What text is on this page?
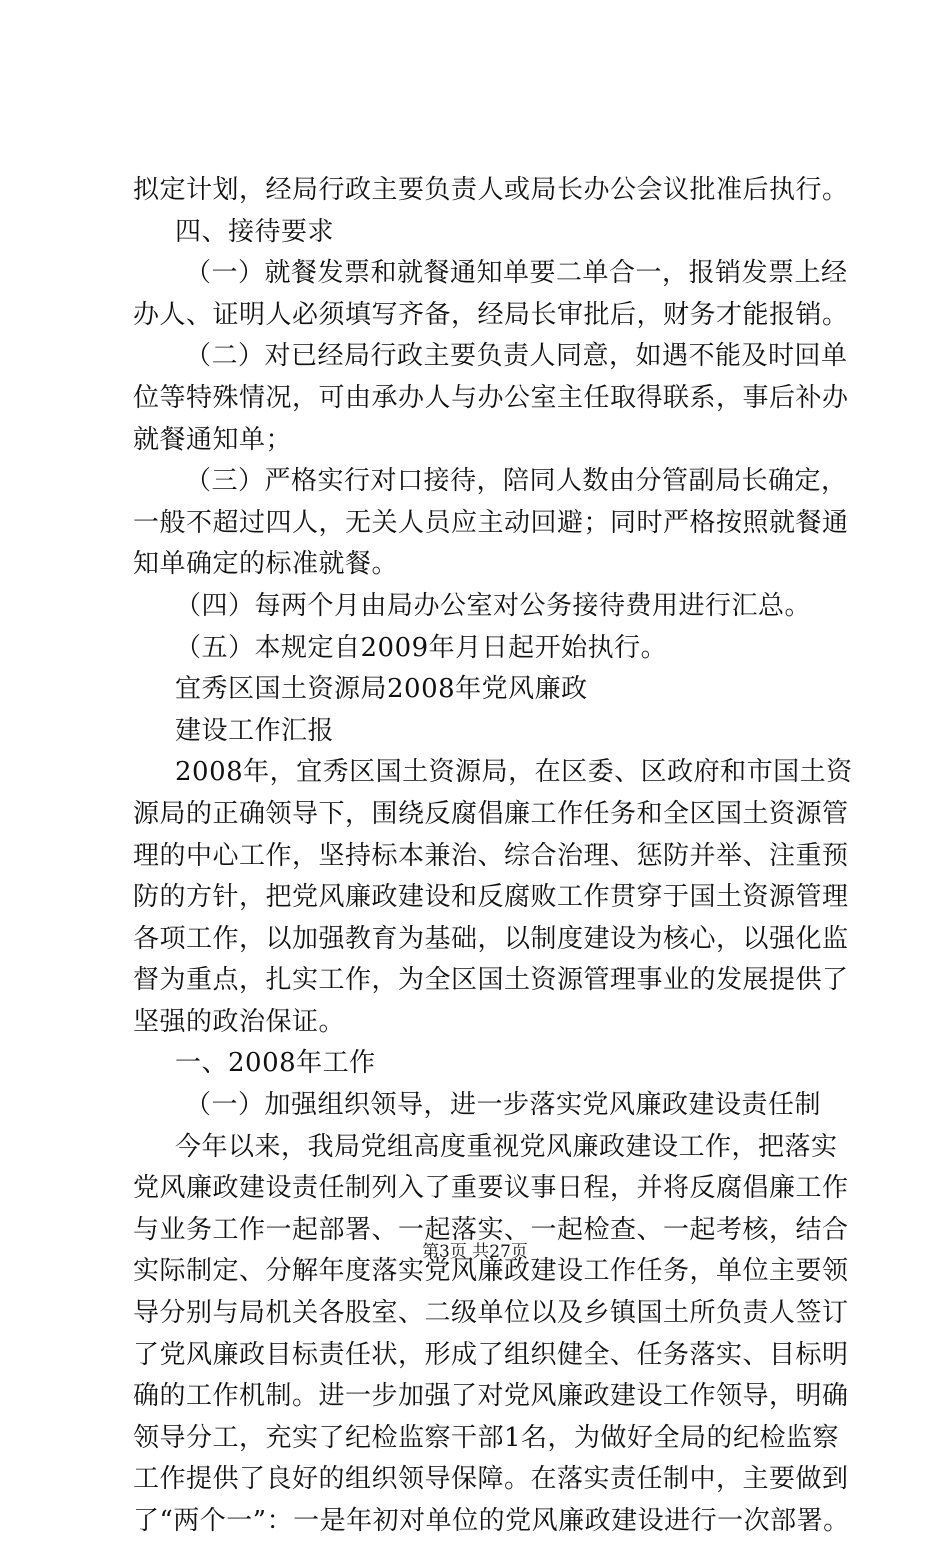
拟定计划，经局行政主要负责人或局长办公会议批准后执行。
四、接待要求
（一）就餐发票和就餐通知单要二单合一，报销发票上经
办人、证明人必须填写齐备，经局长审批后，财务才能报销。
（二）对已经局行政主要负责人同意，如遇不能及时回单
位等特殊情况，可由承办人与办公室主任取得联系，事后补办
就餐通知单；
（三）严格实行对口接待，陪同人数由分管副局长确定，
一般不超过四人，无关人员应主动回避；同时严格按照就餐通
知单确定的标准就餐。
（四）每两个月由局办公室对公务接待费用进行汇总。
（五）本规定自2009年月日起开始执行。
宜秀区国土资源局2008年党风廉政
建设工作汇报
2008年，宜秀区国土资源局，在区委、区政府和市国土资
源局的正确领导下，围绕反腐倡廉工作任务和全区国土资源管
理的中心工作，坚持标本兼治、综合治理、惩防并举、注重预
防的方针，把党风廉政建设和反腐败工作贯穿于国土资源管理
各项工作，以加强教育为基础，以制度建设为核心，以强化监
督为重点，扎实工作，为全区国土资源管理事业的发展提供了
坚强的政治保证。
一、2008年工作
（一）加强组织领导，进一步落实党风廉政建设责任制
今年以来，我局党组高度重视党风廉政建设工作，把落实
党风廉政建设责任制列入了重要议事日程，并将反腐倡廉工作
与业务工作一起部署、一起落实、一起检查、一起考核，结合
实际制定、分解年度落实党风廉政建设工作任务，单位主要领
导分别与局机关各股室、二级单位以及乡镇国土所负责人签订
了党风廉政目标责任状，形成了组织健全、任务落实、目标明
确的工作机制。进一步加强了对党风廉政建设工作领导，明确
领导分工，充实了纪检监察干部1名，为做好全局的纪检监察
工作提供了良好的组织领导保障。在落实责任制中，主要做到
了“两个一”：一是年初对单位的党风廉政建设进行一次部署。
第3页 共27页
